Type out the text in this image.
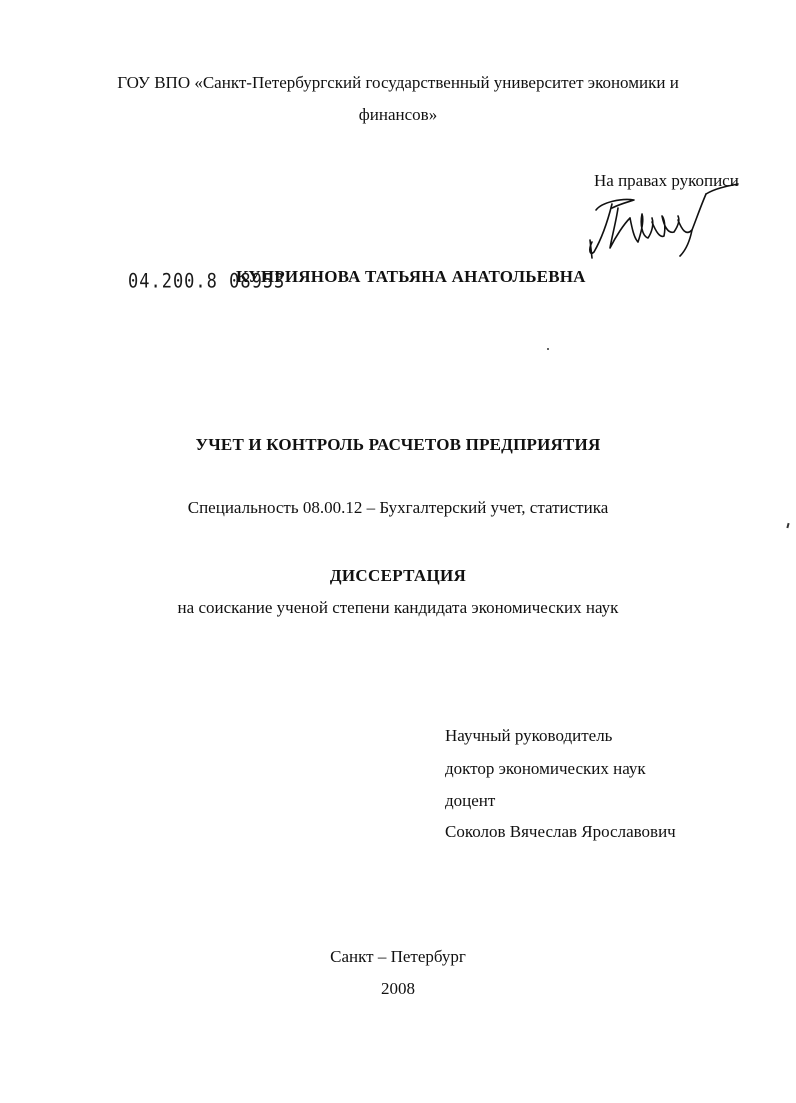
ГОУ ВПО «Санкт-Петербургский государственный университет экономики и
финансов»
На правах рукописи
04.200.8 08953
КУПРИЯНОВА ТАТЬЯНА АНАТОЛЬЕВНА
УЧЕТ И КОНТРОЛЬ РАСЧЕТОВ ПРЕДПРИЯТИЯ
Специальность 08.00.12 – Бухгалтерский учет, статистика
ДИССЕРТАЦИЯ
на соискание ученой степени кандидата экономических наук
Научный руководитель
доктор экономических наук
доцент
Соколов Вячеслав Ярославович
Санкт – Петербург
2008
